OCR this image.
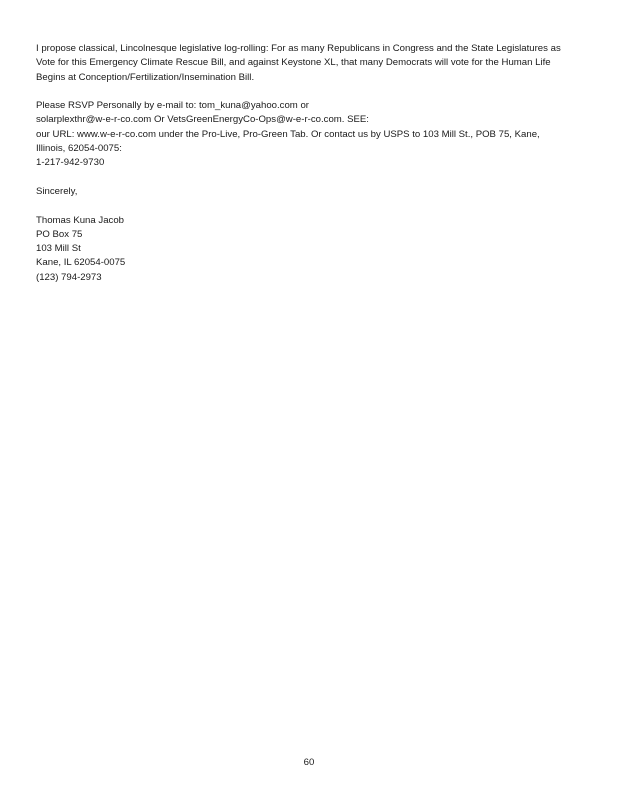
I propose classical, Lincolnesque legislative log-rolling: For as many Republicans in Congress and the State Legislatures as
Vote for this Emergency Climate Rescue Bill, and against Keystone XL, that many Democrats will vote for the Human Life
Begins at Conception/Fertilization/Insemination Bill.

Please RSVP Personally by e-mail to: tom_kuna@yahoo.com or
solarplexthr@w-e-r-co.com Or VetsGreenEnergyCo-Ops@w-e-r-co.com. SEE:
our URL: www.w-e-r-co.com under the Pro-Live, Pro-Green Tab. Or contact us by USPS to 103 Mill St., POB 75, Kane,
Illinois, 62054-0075:
1-217-942-9730

Sincerely,

Thomas Kuna Jacob
PO Box 75
103 Mill St
Kane, IL 62054-0075
(123) 794-2973

60
